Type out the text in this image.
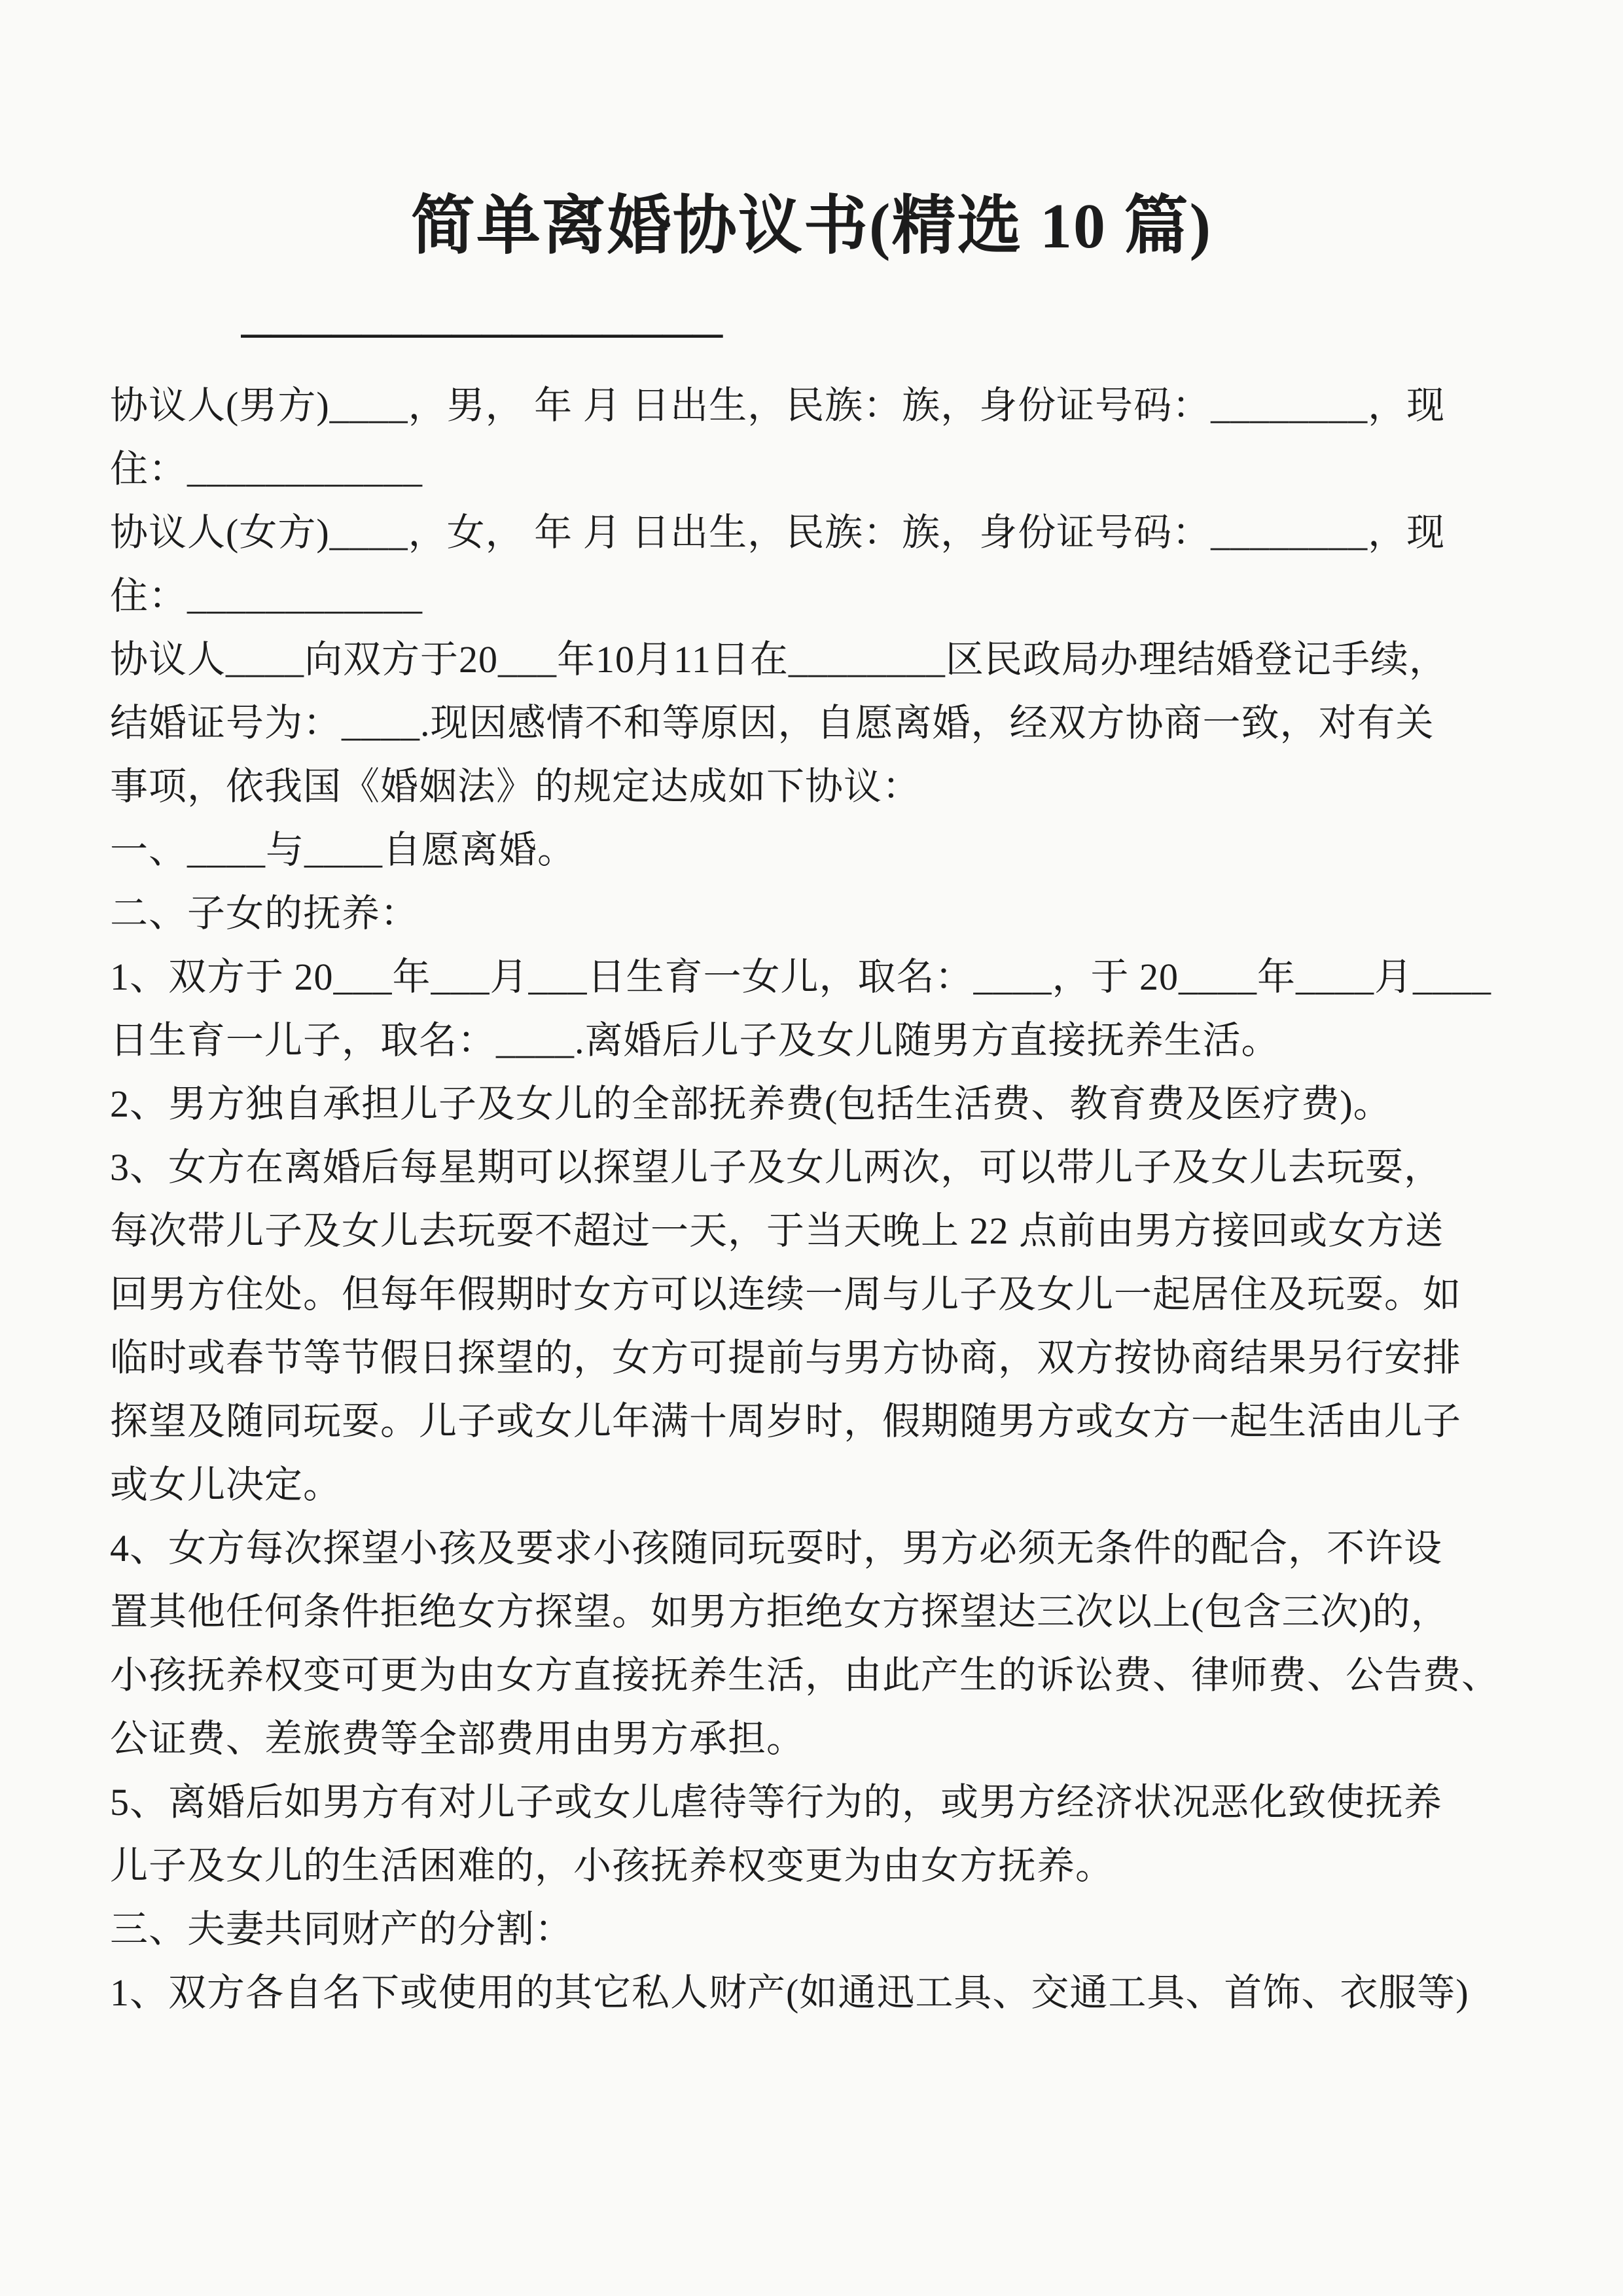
简单离婚协议书(精选 10 篇)
________________

协议人(男方)____，男， 年 月 日出生，民族：族，身份证号码：________，现

住：____________

协议人(女方)____，女， 年 月 日出生，民族：族，身份证号码：________，现

住：____________

协议人____向双方于20___年10月11日在________区民政局办理结婚登记手续，

结婚证号为：____.现因感情不和等原因，自愿离婚，经双方协商一致，对有关

事项，依我国《婚姻法》的规定达成如下协议：

一、____与____自愿离婚。

二、子女的抚养：

1、双方于 20___年___月___日生育一女儿，取名：____，于 20____年____月____

日生育一儿子，取名：____.离婚后儿子及女儿随男方直接抚养生活。

2、男方独自承担儿子及女儿的全部抚养费(包括生活费、教育费及医疗费)。

3、女方在离婚后每星期可以探望儿子及女儿两次，可以带儿子及女儿去玩耍，

每次带儿子及女儿去玩耍不超过一天，于当天晚上 22 点前由男方接回或女方送

回男方住处。但每年假期时女方可以连续一周与儿子及女儿一起居住及玩耍。如

临时或春节等节假日探望的，女方可提前与男方协商，双方按协商结果另行安排

探望及随同玩耍。儿子或女儿年满十周岁时，假期随男方或女方一起生活由儿子

或女儿决定。

4、女方每次探望小孩及要求小孩随同玩耍时，男方必须无条件的配合，不许设

置其他任何条件拒绝女方探望。如男方拒绝女方探望达三次以上(包含三次)的，

小孩抚养权变可更为由女方直接抚养生活，由此产生的诉讼费、律师费、公告费、

公证费、差旅费等全部费用由男方承担。

5、离婚后如男方有对儿子或女儿虐待等行为的，或男方经济状况恶化致使抚养

儿子及女儿的生活困难的，小孩抚养权变更为由女方抚养。

三、夫妻共同财产的分割：

1、双方各自名下或使用的其它私人财产(如通迅工具、交通工具、首饰、衣服等)
